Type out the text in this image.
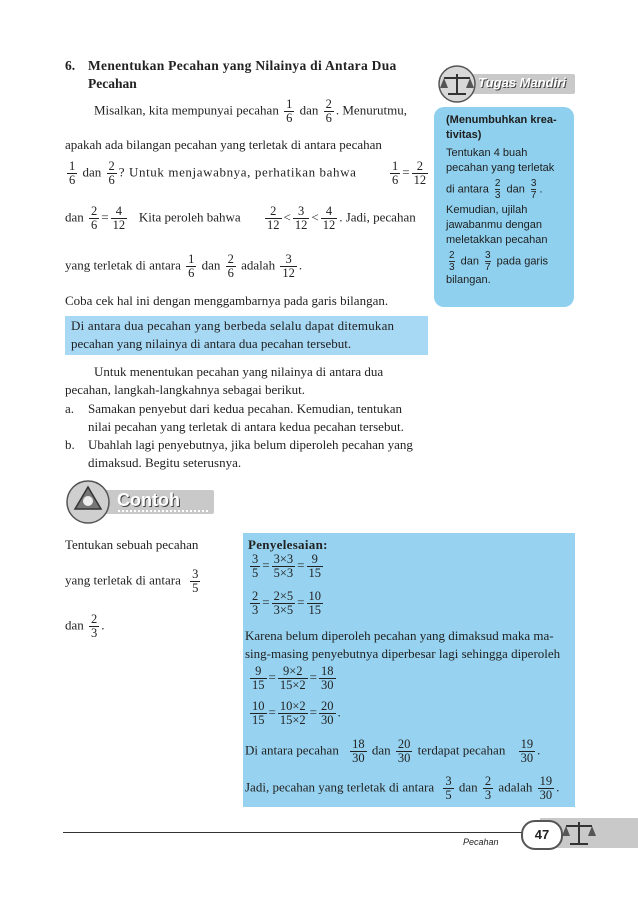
6. Menentukan Pecahan yang Nilainya di Antara Dua
Pecahan
Misalkan, kita mempunyai pecahan $\frac{1}{6}$ dan $\frac{2}{6}$ . Menurutmu,
apakah ada bilangan pecahan yang terletak di antara pecahan
$\frac{1}{6}$ dan $\frac{2}{6}$ ? Untuk menjawabnya, perhatikan bahwa	$\frac{1}{6} = \frac{2}{12}$
dan $\frac{2}{6} = \frac{4}{12}$ Kita peroleh bahwa $\frac{2}{12} < \frac{3}{12} < \frac{4}{12}$ . Jadi, pecahan
yang terletak di antara $\frac{1}{6}$ dan $\frac{2}{6}$ adalah $\frac{3}{12}$ .
Coba cek hal ini dengan menggambarnya pada garis bilangan.
Di antara dua pecahan yang berbeda selalu dapat ditemukan
pecahan yang nilainya di antara dua pecahan tersebut.
Untuk menentukan pecahan yang nilainya di antara dua
pecahan, langkah-langkahnya sebagai berikut.
a. Samakan penyebut dari kedua pecahan. Kemudian, tentukan
nilai pecahan yang terletak di antara kedua pecahan tersebut.
b. Ubahlah lagi penyebutnya, jika belum diperoleh pecahan yang
dimaksud. Begitu seterusnya.
Tugas Mandiri
(Menumbuhkan krea-
tivitas)
Tentukan 4 buah
pecahan yang terletak
di antara $\frac{2}{3}$ dan $\frac{3}{7}$ .
Kemudian, ujilah
jawabanmu dengan
meletakkan pecahan
$\frac{2}{3}$ dan $\frac{3}{7}$ pada garis
bilangan.
Contoh
Tentukan sebuah pecahan
yang terletak di antara $\frac{3}{5}$
dan $\frac{2}{3}$ .
Penyelesaian:
$\frac{3}{5} = \frac{3\times 3}{5\times 3} = \frac{9}{15}$
$\frac{2}{3} = \frac{2\times 5}{3\times 5} = \frac{10}{15}$
Karena belum diperoleh pecahan yang dimaksud maka ma-
sing-masing penyebutnya diperbesar lagi sehingga diperoleh
$\frac{9}{15} = \frac{9\times 2}{15\times 2} = \frac{18}{30}$
$\frac{10}{15} = \frac{10\times 2}{15\times 2} = \frac{20}{30}$ .
Di antara pecahan $\frac{18}{30}$ dan $\frac{20}{30}$ terdapat pecahan $\frac{19}{30}$ .
Jadi, pecahan yang terletak di antara $\frac{3}{5}$ dan $\frac{2}{3}$ adalah $\frac{19}{30}$ .
Pecahan	47
